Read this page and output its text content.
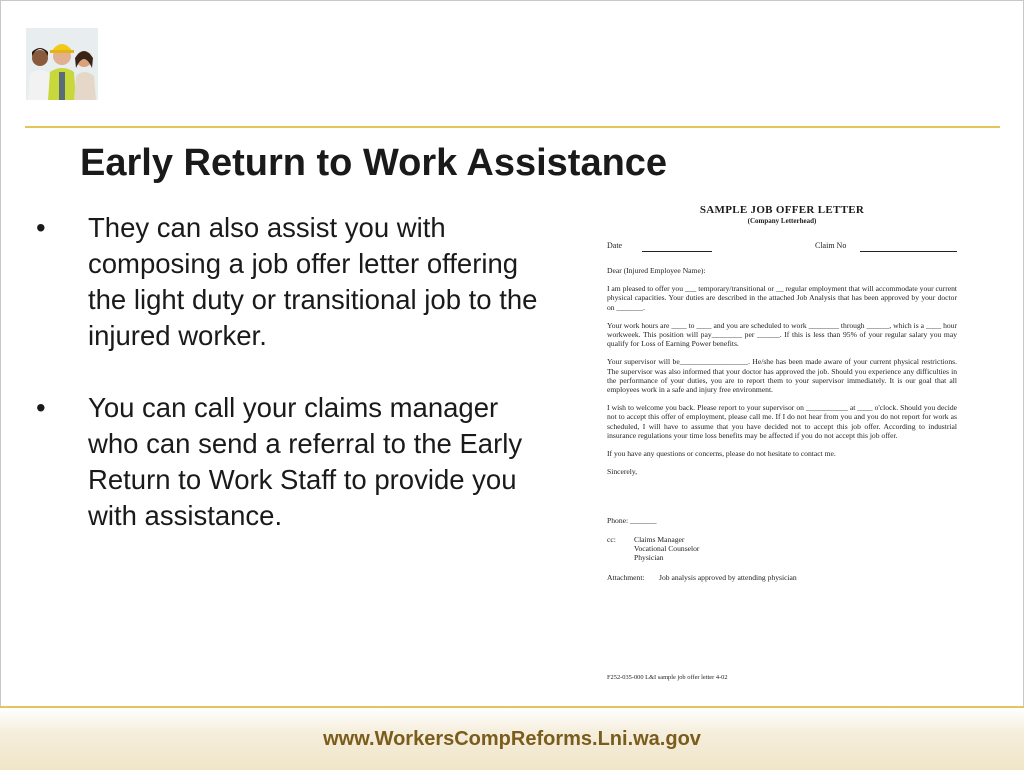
Early Return to Work Assistance

• They can also assist you with composing a job offer letter offering the light duty or transitional job to the injured worker.

• You can call your claims manager who can send a referral to the Early Return to Work Staff to provide you with assistance.

SAMPLE JOB OFFER LETTER
(Company Letterhead)
Date	Claim No
Dear (Injured Employee Name):
I am pleased to offer you ___ temporary/transitional or __ regular employment that will accommodate your current physical capacities. Your duties are described in the attached Job Analysis that has been approved by your doctor on _______.
Your work hours are ____ to ____ and you are scheduled to work ________ through ______, which is a ____ hour workweek. This position will pay________ per ______. If this is less than 95% of your regular salary you may qualify for Loss of Earning Power benefits.
Your supervisor will be__________________. He/she has been made aware of your current physical restrictions. The supervisor was also informed that your doctor has approved the job. Should you experience any difficulties in the performance of your duties, you are to report them to your supervisor immediately. It is our goal that all employees work in a safe and injury free environment.
I wish to welcome you back. Please report to your supervisor on ___________ at ____ o'clock. Should you decide not to accept this offer of employment, please call me. If I do not hear from you and you do not report for work as scheduled, I will have to assume that you have decided not to accept this job offer. According to industrial insurance regulations your time loss benefits may be affected if you do not accept this job offer.
If you have any questions or concerns, please do not hesitate to contact me.
Sincerely,
Phone: _______
cc:	Claims Manager
Vocational Counselor
Physician
Attachment:	Job analysis approved by attending physician
F252-035-000 L&I sample job offer letter 4-02
www.WorkersCompReforms.Lni.wa.gov
